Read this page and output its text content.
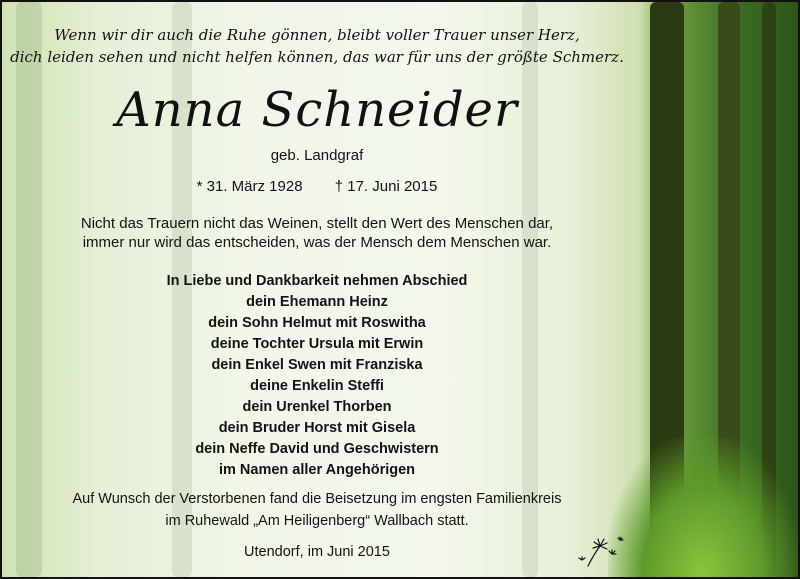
Wenn wir dir auch die Ruhe gönnen, bleibt voller Trauer unser Herz,
dich leiden sehen und nicht helfen können, das war für uns der größte Schmerz.
Anna Schneider
geb. Landgraf
* 31. März 1928 † 17. Juni 2015
Nicht das Trauern nicht das Weinen, stellt den Wert des Menschen dar,
immer nur wird das entscheiden, was der Mensch dem Menschen war.
In Liebe und Dankbarkeit nehmen Abschied
dein Ehemann Heinz
dein Sohn Helmut mit Roswitha
deine Tochter Ursula mit Erwin
dein Enkel Swen mit Franziska
deine Enkelin Steffi
dein Urenkel Thorben
dein Bruder Horst mit Gisela
dein Neffe David und Geschwistern
im Namen aller Angehörigen
Auf Wunsch der Verstorbenen fand die Beisetzung im engsten Familienkreis
im Ruhewald „Am Heiligenberg“ Wallbach statt.
Utendorf, im Juni 2015
